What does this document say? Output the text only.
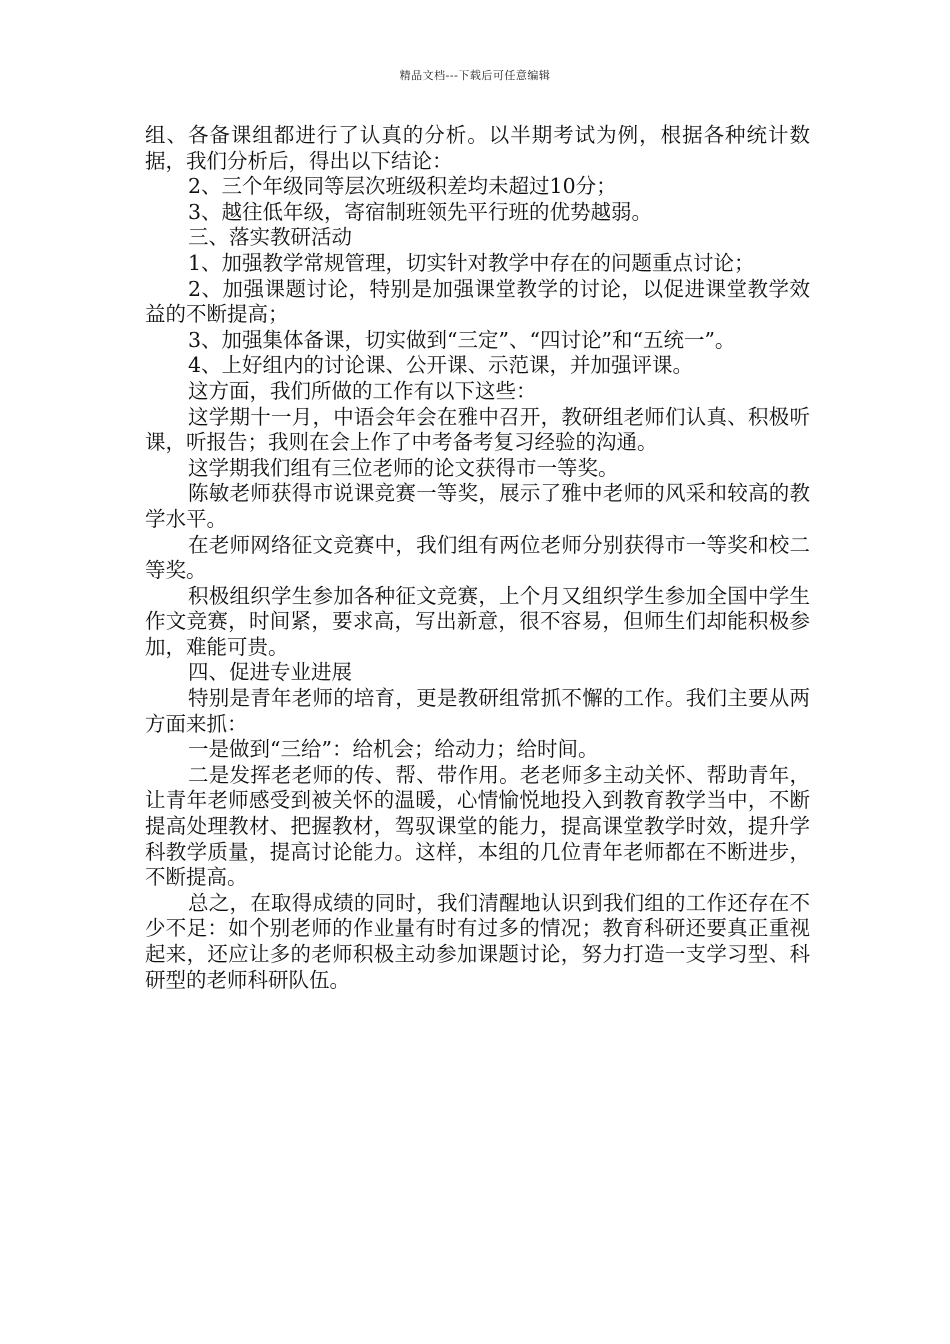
精品文档---下载后可任意编辑

组、各备课组都进行了认真的分析。以半期考试为例，根据各种统计数据，我们分析后，得出以下结论：

2、三个年级同等层次班级积差均未超过10分；

3、越往低年级，寄宿制班领先平行班的优势越弱。

三、落实教研活动

1、加强教学常规管理，切实针对教学中存在的问题重点讨论；

2、加强课题讨论，特别是加强课堂教学的讨论，以促进课堂教学效益的不断提高；

3、加强集体备课，切实做到“三定”、“四讨论”和“五统一”。

4、上好组内的讨论课、公开课、示范课，并加强评课。

这方面，我们所做的工作有以下这些：

这学期十一月，中语会年会在雅中召开，教研组老师们认真、积极听课，听报告；我则在会上作了中考备考复习经验的沟通。

这学期我们组有三位老师的论文获得市一等奖。

陈敏老师获得市说课竞赛一等奖，展示了雅中老师的风采和较高的教学水平。

在老师网络征文竞赛中，我们组有两位老师分别获得市一等奖和校二等奖。

积极组织学生参加各种征文竞赛，上个月又组织学生参加全国中学生作文竞赛，时间紧，要求高，写出新意，很不容易，但师生们却能积极参加，难能可贵。

四、促进专业进展

特别是青年老师的培育，更是教研组常抓不懈的工作。我们主要从两方面来抓：

一是做到“三给”：给机会；给动力；给时间。

二是发挥老老师的传、帮、带作用。老老师多主动关怀、帮助青年，让青年老师感受到被关怀的温暖，心情愉悦地投入到教育教学当中，不断提高处理教材、把握教材，驾驭课堂的能力，提高课堂教学时效，提升学科教学质量，提高讨论能力。这样，本组的几位青年老师都在不断进步，不断提高。

总之，在取得成绩的同时，我们清醒地认识到我们组的工作还存在不少不足：如个别老师的作业量有时有过多的情况；教育科研还要真正重视起来，还应让多的老师积极主动参加课题讨论，努力打造一支学习型、科研型的老师科研队伍。
